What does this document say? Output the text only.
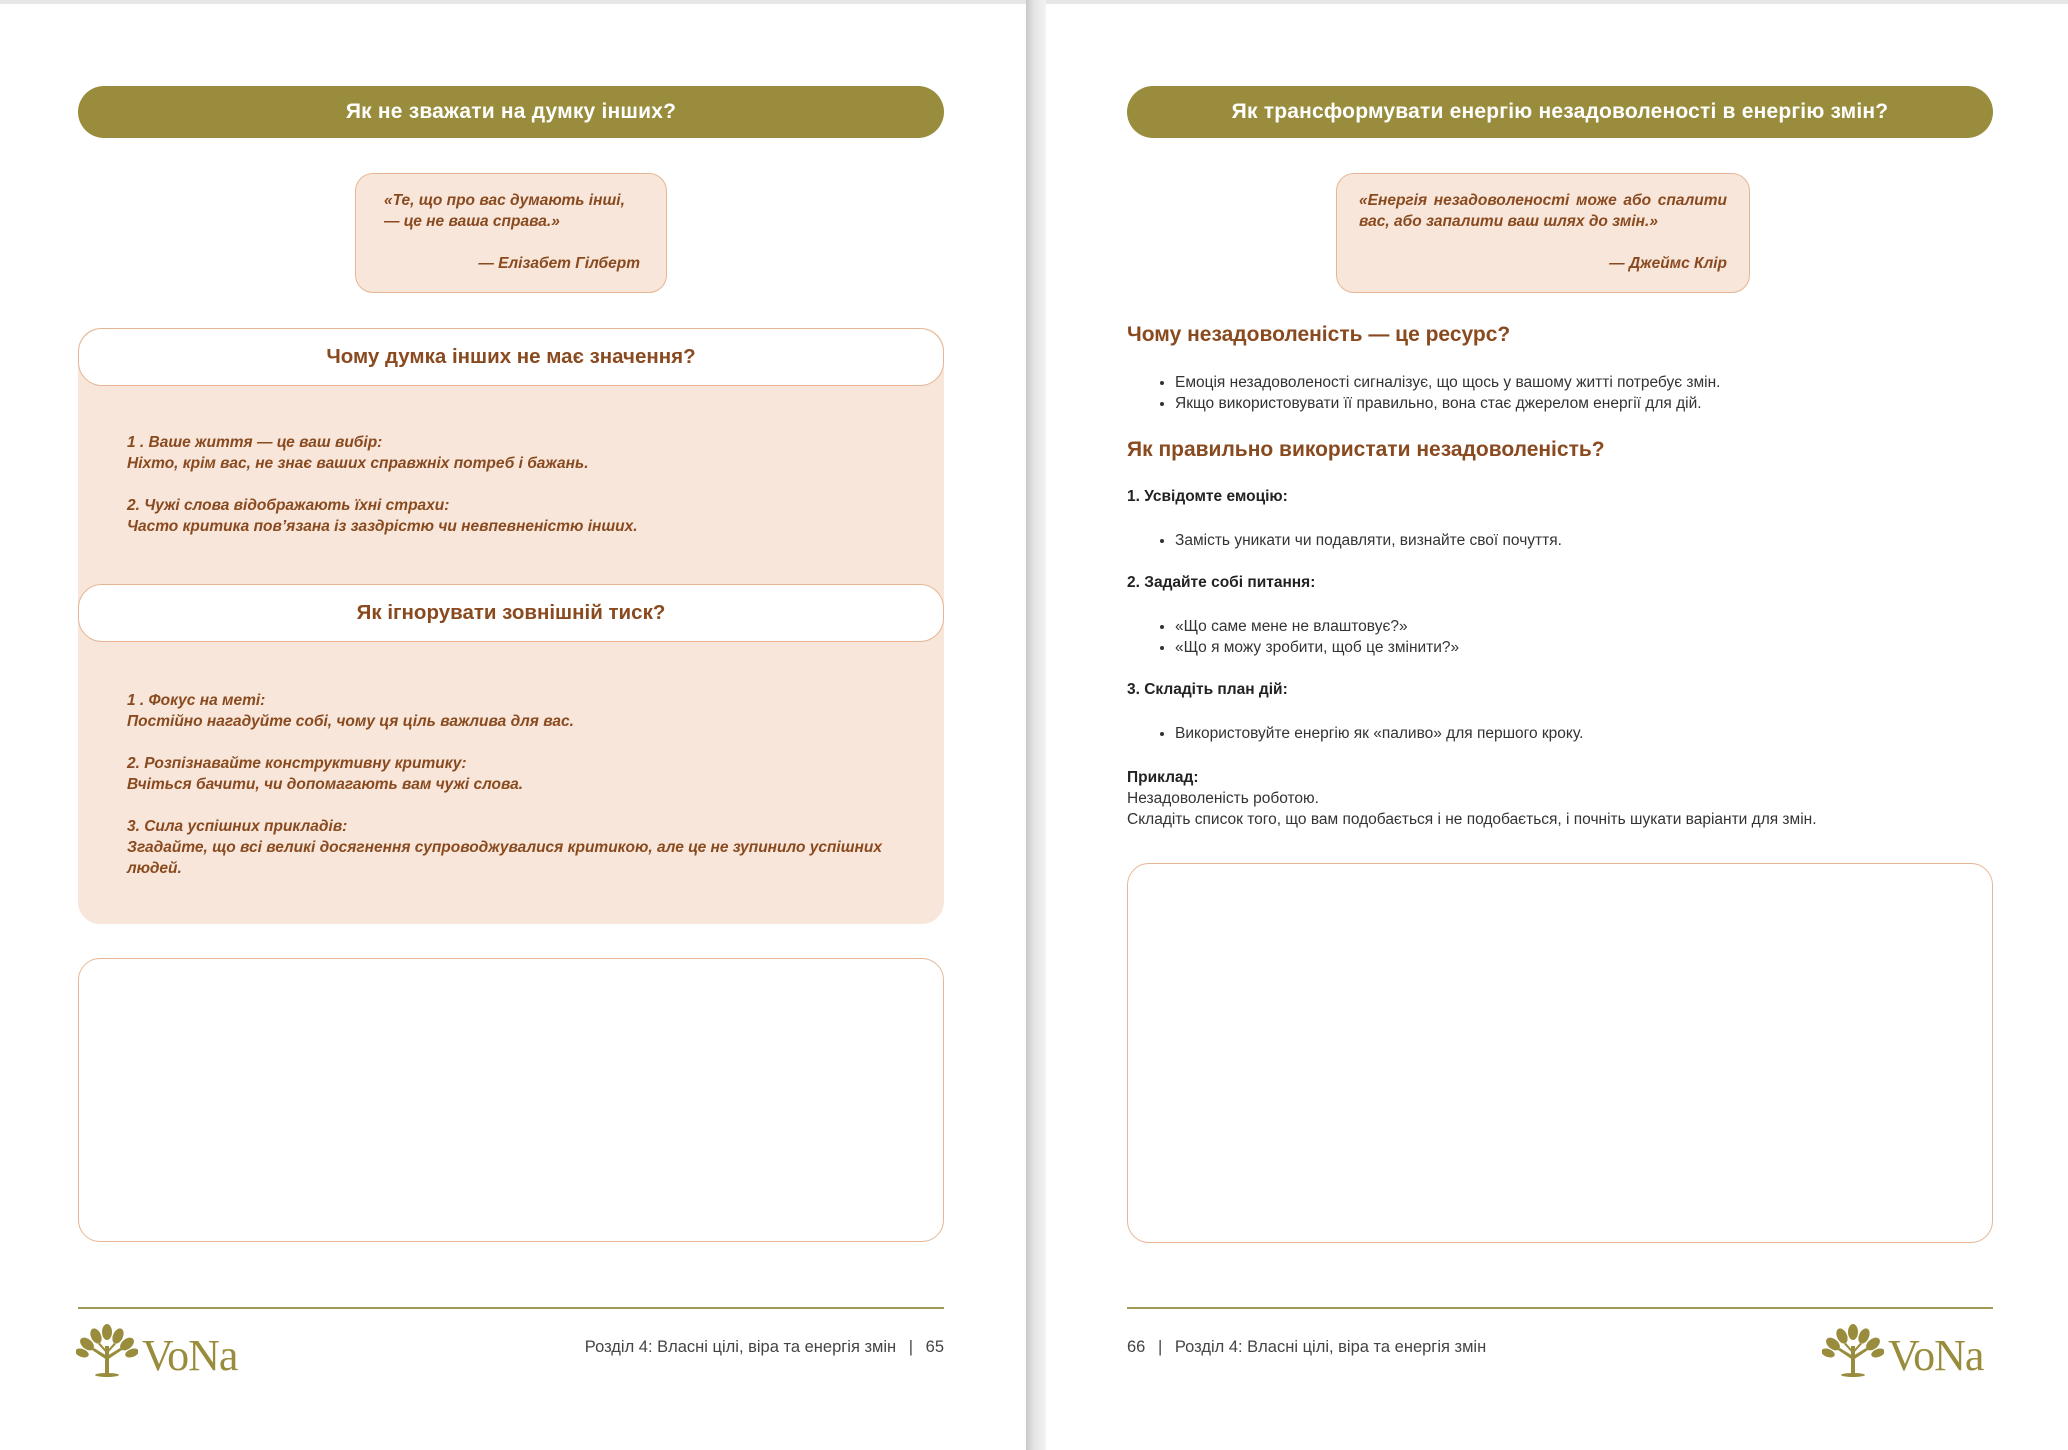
Як не зважати на думку інших?
«Те, що про вас думають інші,
— це не ваша справа.»
— Елізабет Гілберт
Чому думка інших не має значення?
1 . Ваше життя — це ваш вибір:
Ніхто, крім вас, не знає ваших справжніх потреб і бажань.
2. Чужі слова відображають їхні страхи:
Часто критика пов’язана із заздрістю чи невпевненістю інших.
Як ігнорувати зовнішній тиск?
1 . Фокус на меті:
Постійно нагадуйте собі, чому ця ціль важлива для вас.
2. Розпізнавайте конструктивну критику:
Вчіться бачити, чи допомагають вам чужі слова.
3. Сила успішних прикладів:
Згадайте, що всі великі досягнення супроводжувалися критикою, але це не зупинило успішних людей.
VoNa	Розділ 4: Власні цілі, віра та енергія змін | 65
Як трансформувати енергію незадоволеності в енергію змін?
«Енергія незадоволеності може або спалити
вас, або запалити ваш шлях до змін.»
— Джеймс Клір
Чому незадоволеність — це ресурс?
• Емоція незадоволеності сигналізує, що щось у вашому житті потребує змін.
• Якщо використовувати її правильно, вона стає джерелом енергії для дій.
Як правильно використати незадоволеність?
1. Усвідомте емоцію:
• Замість уникати чи подавляти, визнайте свої почуття.
2. Задайте собі питання:
• «Що саме мене не влаштовує?»
• «Що я можу зробити, щоб це змінити?»
3. Складіть план дій:
• Використовуйте енергію як «паливо» для першого кроку.
Приклад:
Незадоволеність роботою.
Складіть список того, що вам подобається і не подобається, і почніть шукати варіанти для змін.
66 | Розділ 4: Власні цілі, віра та енергія змін	VoNa
